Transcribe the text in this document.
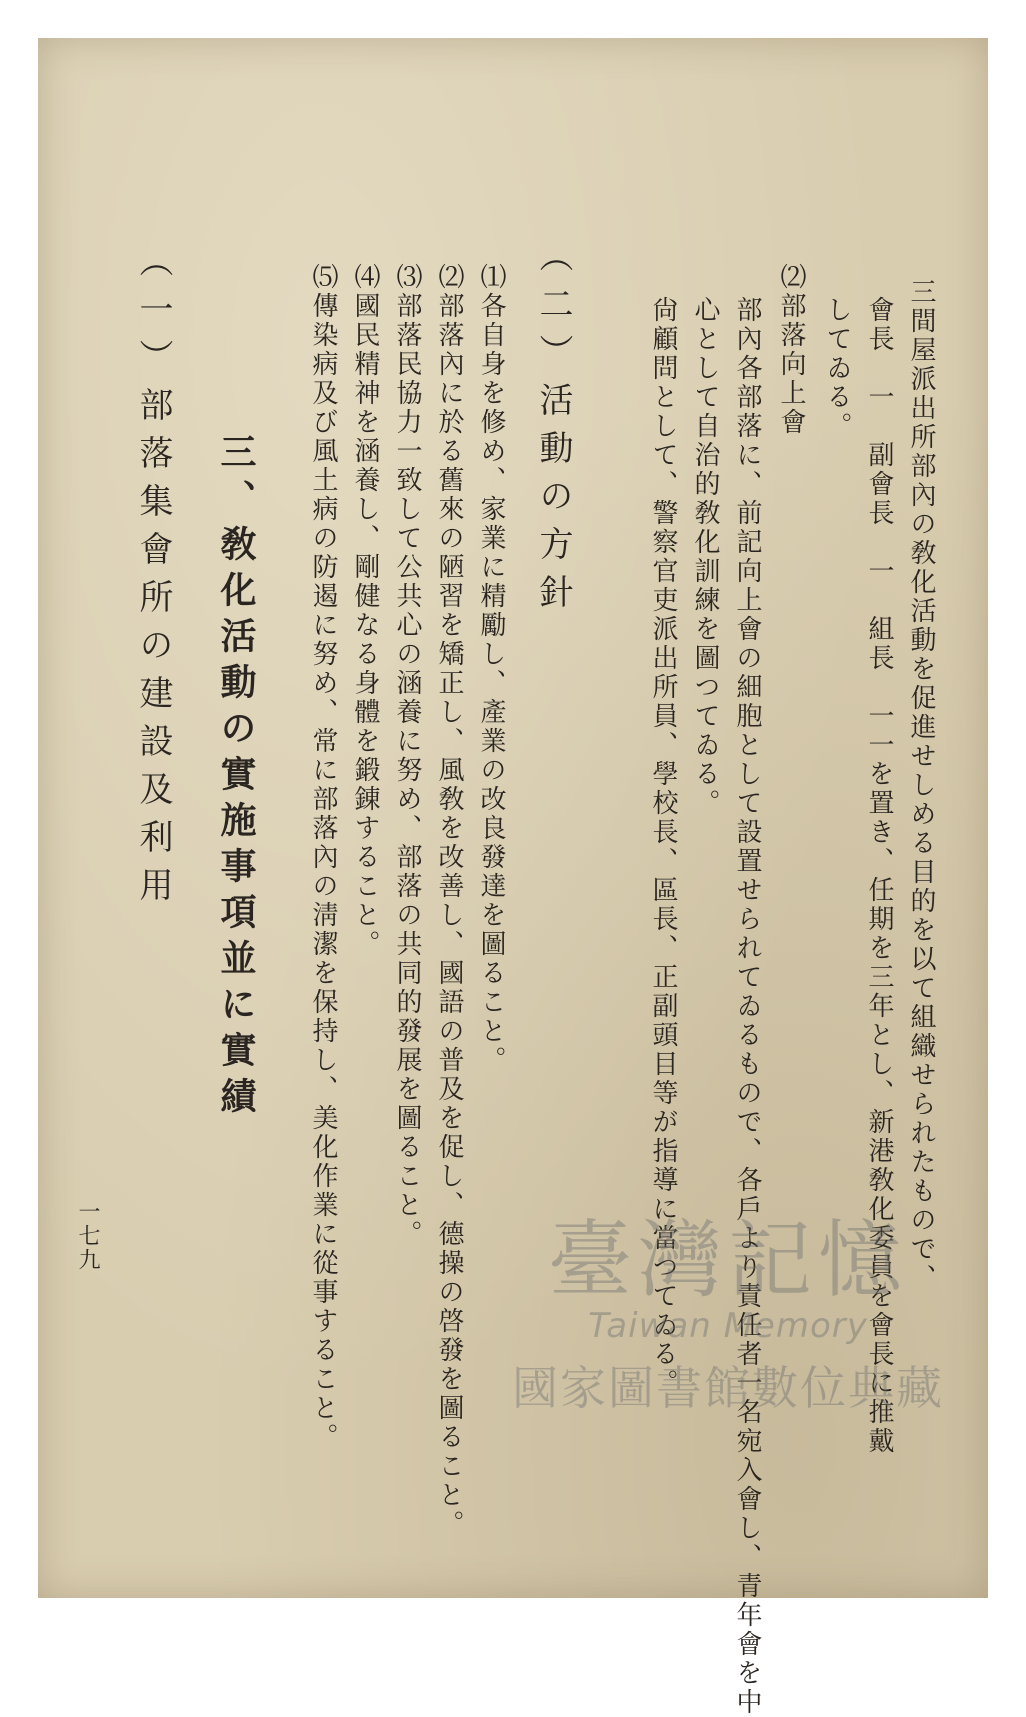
三間屋派出所部內の敎化活動を促進せしめる目的を以て組織せられたもので、
會長　一　副會長　一　組長　一一を置き、任期を三年とし、新港敎化委員を會長に推戴
してゐる。
⑵部落向上會
部內各部落に、前記向上會の細胞として設置せられてゐるもので、各戶より責任者一名宛入會し、青年會を中
心として自治的敎化訓練を圖つてゐる。
尙顧問として、警察官吏派出所員、學校長、區長、正副頭目等が指導に當つてゐる。
（二）活動の方針
⑴各自身を修め、家業に精勵し、產業の改良發達を圖ること。
⑵部落內に於る舊來の陋習を矯正し、風敎を改善し、國語の普及を促し、德操の啓發を圖ること。
⑶部落民協力一致して公共心の涵養に努め、部落の共同的發展を圖ること。
⑷國民精神を涵養し、剛健なる身體を鍛錬すること。
⑸傳染病及び風土病の防遏に努め、常に部落內の淸潔を保持し、美化作業に從事すること。
三、敎化活動の實施事項並に實績
（一）部落集會所の建設及利用
一七九	臺灣記憶
Taiwan Memory
國家圖書館數位典藏
